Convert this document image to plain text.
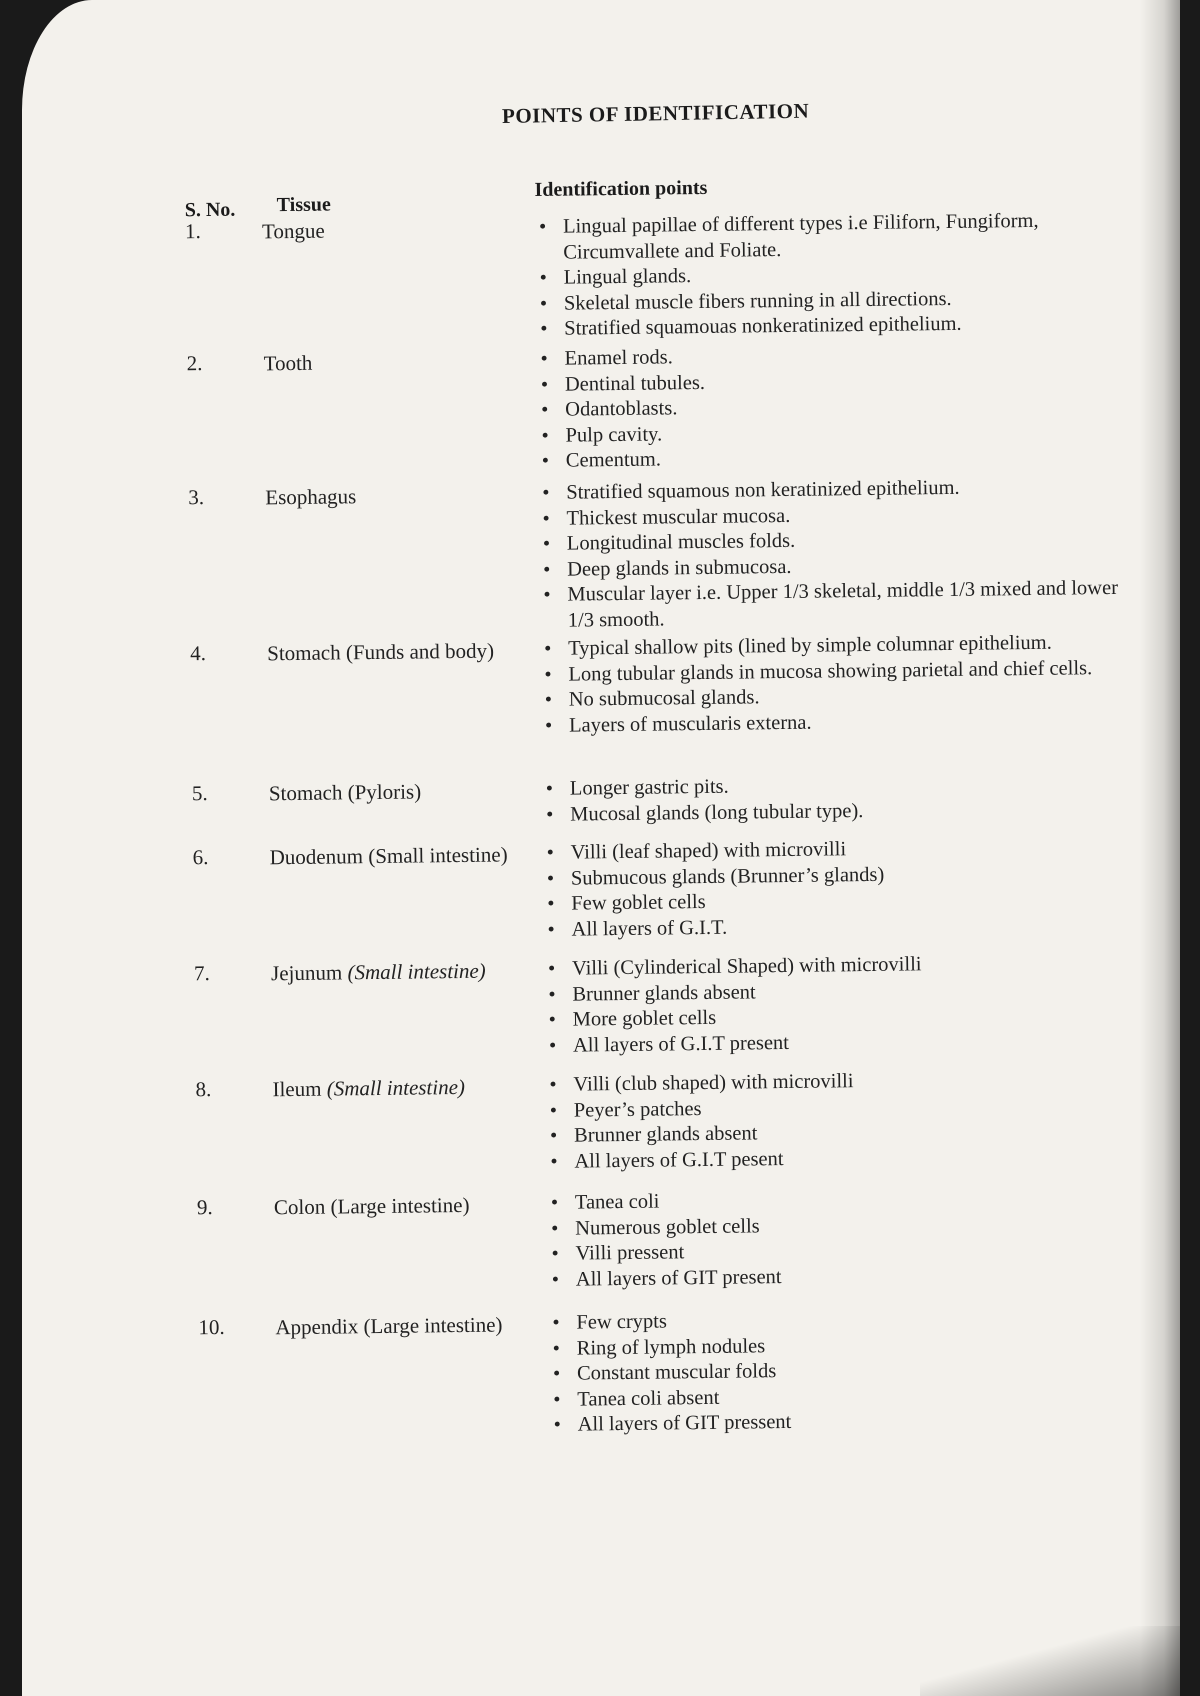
POINTS OF IDENTIFICATION
S. No. Tissue
Identification points
1.	Tongue	• Lingual papillae of different types i.e Filiforn, Fungiform, Circumvallete and Foliate.
• Lingual glands.
• Skeletal muscle fibers running in all directions.
• Stratified squamouas nonkeratinized epithelium.
2.	Tooth	• Enamel rods.
• Dentinal tubules.
• Odantoblasts.
• Pulp cavity.
• Cementum.
3.	Esophagus	• Stratified squamous non keratinized epithelium.
• Thickest muscular mucosa.
• Longitudinal muscles folds.
• Deep glands in submucosa.
• Muscular layer i.e. Upper 1/3 skeletal, middle 1/3 mixed and lower 1/3 smooth.
4.	Stomach (Funds and body)	• Typical shallow pits (lined by simple columnar epithelium.
• Long tubular glands in mucosa showing parietal and chief cells.
• No submucosal glands.
• Layers of muscularis externa.
5.	Stomach (Pyloris)	• Longer gastric pits.
• Mucosal glands (long tubular type).
6.	Duodenum (Small intestine)	• Villi (leaf shaped) with microvilli
• Submucous glands (Brunner’s glands)
• Few goblet cells
• All layers of G.I.T.
7.	Jejunum (Small intestine)	• Villi (Cylinderical Shaped) with microvilli
• Brunner glands absent
• More goblet cells
• All layers of G.I.T present
8.	Ileum (Small intestine)	• Villi (club shaped) with microvilli
• Peyer’s patches
• Brunner glands absent
• All layers of G.I.T pesent
9.	Colon (Large intestine)	• Tanea coli
• Numerous goblet cells
• Villi pressent
• All layers of GIT present
10. Appendix (Large intestine)	• Few crypts
• Ring of lymph nodules
• Constant muscular folds
• Tanea coli absent
• All layers of GIT pressent
